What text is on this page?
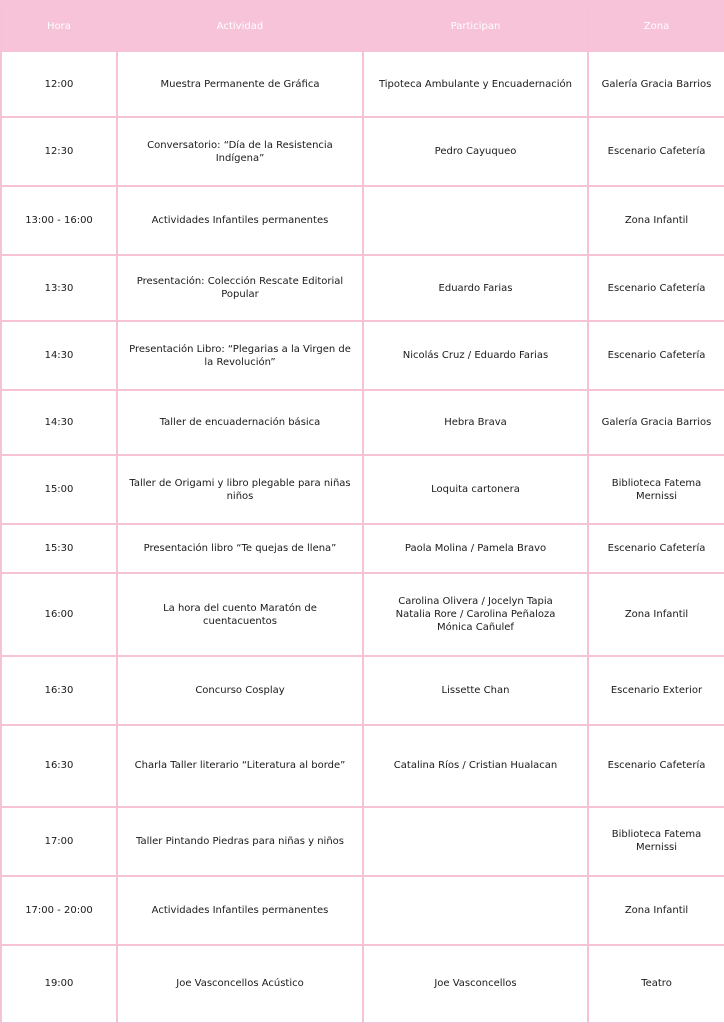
Hora	Actividad	Participan	Zona
12:00	Muestra Permanente de Gráfica	Tipoteca Ambulante y Encuadernación	Galería Gracia Barrios
12:30	Conversatorio: “Día de la Resistencia
Indígena”	Pedro Cayuqueo	Escenario Cafetería
13:00 - 16:00	Actividades Infantiles permanentes		Zona Infantil
13:30	Presentación: Colección Rescate Editorial
Popular	Eduardo Farias	Escenario Cafetería
14:30	Presentación Libro: “Plegarias a la Virgen de
la Revolución”	Nicolás Cruz / Eduardo Farias	Escenario Cafetería
14:30	Taller de encuadernación básica	Hebra Brava	Galería Gracia Barrios
15:00	Taller de Origami y libro plegable para niñas
niños	Loquita cartonera	Biblioteca Fatema
Mernissi
15:30	Presentación libro “Te quejas de llena”	Paola Molina / Pamela Bravo	Escenario Cafetería
16:00	La hora del cuento Maratón de
cuentacuentos	Carolina Olivera / Jocelyn Tapia
Natalia Rore / Carolina Peñaloza
Mónica Cañulef	Zona Infantil
16:30	Concurso Cosplay	Lissette Chan	Escenario Exterior
16:30	Charla Taller literario “Literatura al borde”	Catalina Ríos / Cristian Hualacan	Escenario Cafetería
17:00	Taller Pintando Piedras para niñas y niños		Biblioteca Fatema
Mernissi
17:00 - 20:00	Actividades Infantiles permanentes		Zona Infantil
19:00	Joe Vasconcellos Acústico	Joe Vasconcellos	Teatro
